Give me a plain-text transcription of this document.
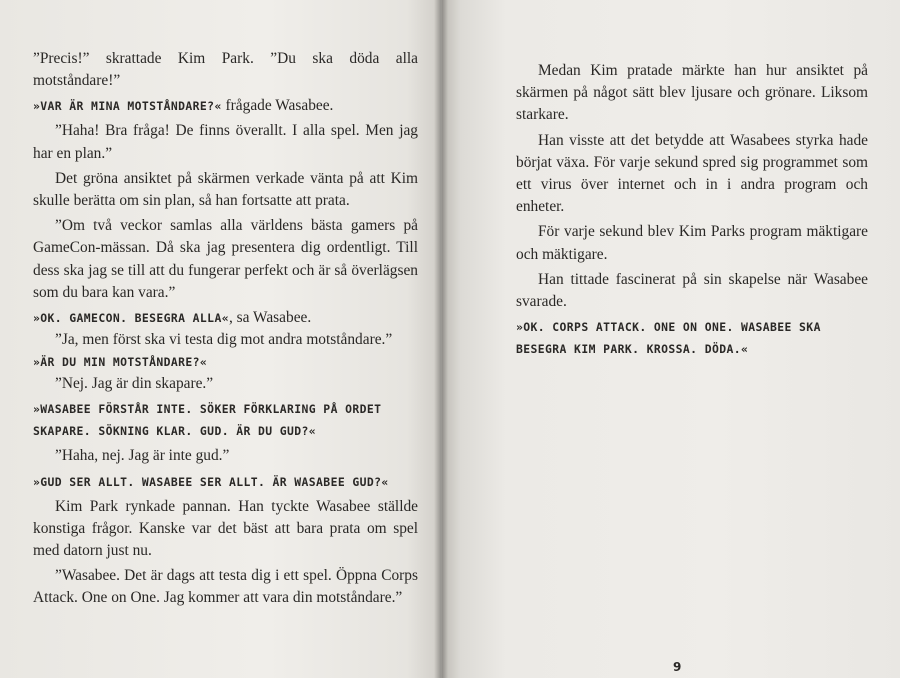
”Precis!” skrattade Kim Park. ”Du ska döda alla motståndare!”

»VAR ÄR MINA MOTSTÅNDARE?« frågade Wasabee.

”Haha! Bra fråga! De finns överallt. I alla spel. Men jag har en plan.”

Det gröna ansiktet på skärmen verkade vänta på att Kim skulle berätta om sin plan, så han fortsatte att prata.

”Om två veckor samlas alla världens bästa gamers på GameCon-mässan. Då ska jag presentera dig ordentligt. Till dess ska jag se till att du fungerar perfekt och är så överlägsen som du bara kan vara.”

»OK. GAMECON. BESEGRA ALLA«, sa Wasabee.

”Ja, men först ska vi testa dig mot andra motståndare.”

»ÄR DU MIN MOTSTÅNDARE?«

”Nej. Jag är din skapare.”

»WASABEE FÖRSTÅR INTE. SÖKER FÖRKLARING PÅ ORDET SKAPARE. SÖKNING KLAR. GUD. ÄR DU GUD?«

”Haha, nej. Jag är inte gud.”

»GUD SER ALLT. WASABEE SER ALLT. ÄR WASABEE GUD?«

Kim Park rynkade pannan. Han tyckte Wasabee ställde konstiga frågor. Kanske var det bäst att bara prata om spel med datorn just nu.

”Wasabee. Det är dags att testa dig i ett spel. Öppna Corps Attack. One on One. Jag kommer att vara din motståndare.”

Medan Kim pratade märkte han hur ansiktet på skärmen på något sätt blev ljusare och grönare. Liksom starkare.

Han visste att det betydde att Wasabees styrka hade börjat växa. För varje sekund spred sig programmet som ett virus över internet och in i andra program och enheter.

För varje sekund blev Kim Parks program mäktigare och mäktigare.

Han tittade fascinerat på sin skapelse när Wasabee svarade.

»OK. CORPS ATTACK. ONE ON ONE. WASABEE SKA BESEGRA KIM PARK. KROSSA. DÖDA.«

9
